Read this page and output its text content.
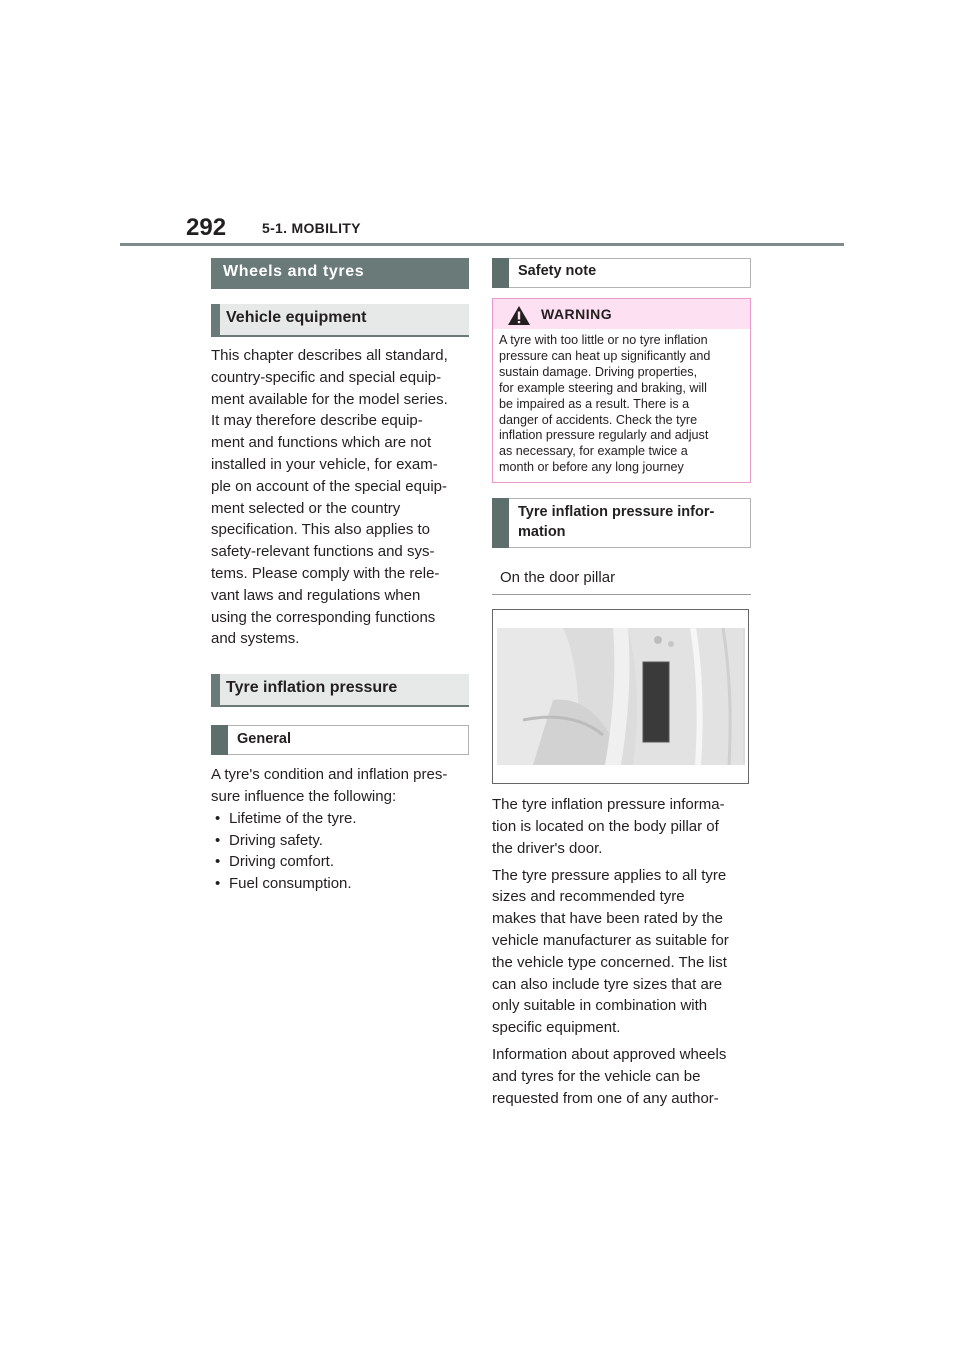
292	5-1. MOBILITY
Wheels and tyres
Vehicle equipment

This chapter describes all standard,

country-specific and special equip-

ment available for the model series.

It may therefore describe equip-

ment and functions which are not

installed in your vehicle, for exam-

ple on account of the special equip-

ment selected or the country

specification. This also applies to

safety-relevant functions and sys-

tems. Please comply with the rele-

vant laws and regulations when

using the corresponding functions

and systems.

Tyre inflation pressure
General

A tyre's condition and inflation pres-

sure influence the following:

• Lifetime of the tyre.
• Driving safety.
• Driving comfort.
• Fuel consumption.
Safety note
WARNING
A tyre with too little or no tyre inflation
pressure can heat up significantly and
sustain damage. Driving properties,
for example steering and braking, will
be impaired as a result. There is a
danger of accidents. Check the tyre
inflation pressure regularly and adjust
as necessary, for example twice a
month or before any long journey
Tyre inflation pressure infor-
mation
On the door pillar

The tyre inflation pressure informa-

tion is located on the body pillar of

the driver's door.

The tyre pressure applies to all tyre

sizes and recommended tyre

makes that have been rated by the

vehicle manufacturer as suitable for

the vehicle type concerned. The list

can also include tyre sizes that are

only suitable in combination with

specific equipment.

Information about approved wheels

and tyres for the vehicle can be

requested from one of any author-
